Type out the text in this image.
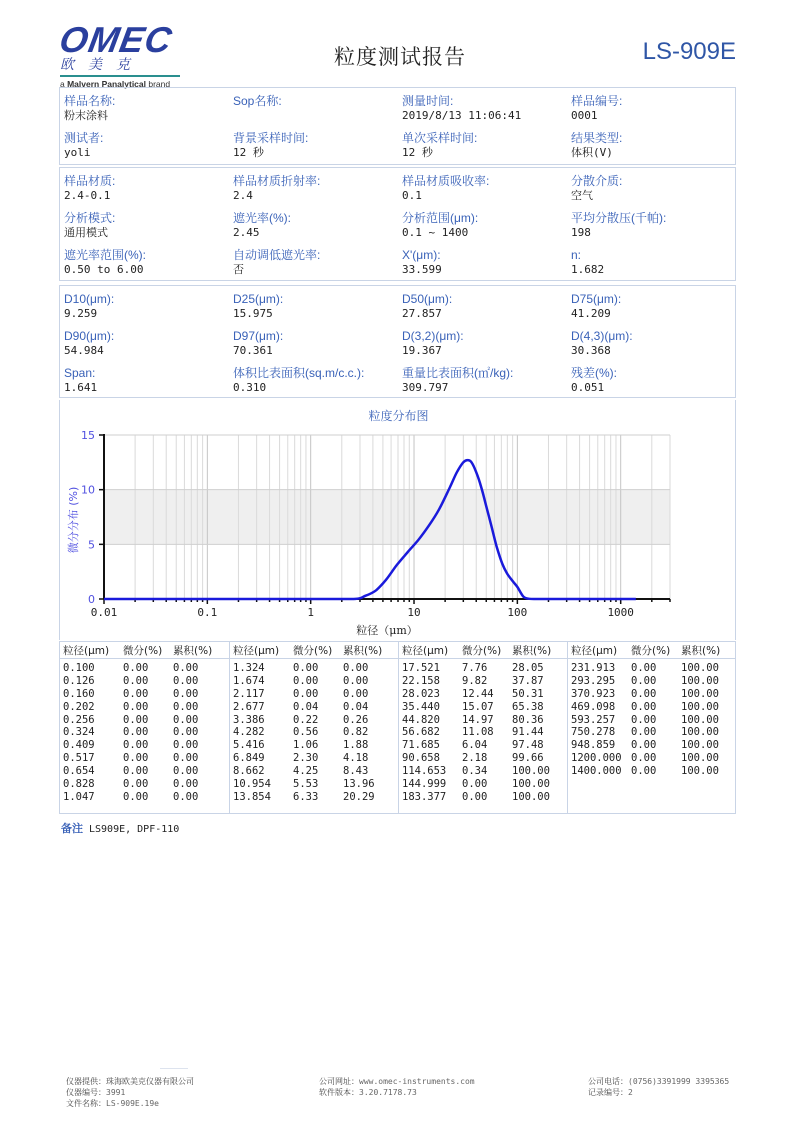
OMEC
欧美克
a Malvern Panalytical brand
粒度测试报告	LS-909E
样品名称:
粉末涂料
Sop名称:	测量时间:
2019/8/13 11:06:41
样品编号:
0001
测试者:
yoli
背景采样时间:
12 秒
单次采样时间:
12 秒
结果类型:
体积(V)
样品材质:
2.4-0.1
样品材质折射率:
2.4
样品材质吸收率:
0.1
分散介质:
空气
分析模式:
通用模式
遮光率(%):
2.45
分析范围(μm):
0.1 ~ 1400
平均分散压(千帕):
198
遮光率范围(%):
0.50 to 6.00
自动调低遮光率:
否
X'(μm):
33.599
n:
1.682
D10(μm):
9.259
D25(μm):
15.975
D50(μm):
27.857
D75(μm):
41.209
D90(μm):
54.984
D97(μm):
70.361
D(3,2)(μm):
19.367
D(4,3)(μm):
30.368
Span:
1.641
体积比表面积(sq.m/c.c.):
0.310
重量比表面积(㎡/kg):
309.797
残差(%):
0.051
粒度分布图
0.01	0.1	1	10	100	1000
0
5
10
15
粒径（μm）
微分分布 (%)
粒径(μm) 微分(%) 累积(%)
0.100	0.00 0.00
0.126	0.00 0.00
0.160	0.00 0.00
0.202	0.00 0.00
0.256	0.00 0.00
0.324	0.00 0.00
0.409	0.00 0.00
0.517	0.00 0.00
0.654	0.00 0.00
0.828	0.00 0.00
1.047	0.00 0.00
粒径(μm) 微分(%) 累积(%)
1.324	0.00 0.00
1.674	0.00 0.00
2.117	0.00 0.00
2.677	0.04 0.04
3.386	0.22 0.26
4.282	0.56 0.82
5.416	1.06 1.88
6.849	2.30 4.18
8.662	4.25 8.43
10.954 5.53 13.96
13.854 6.33 20.29
粒径(μm) 微分(%) 累积(%)
17.521 7.76 28.05
22.158 9.82 37.87
28.023 12.44 50.31
35.440 15.07 65.38
44.820 14.97 80.36
56.682 11.08 91.44
71.685 6.04 97.48
90.658 2.18 99.66
114.653 0.34 100.00
144.999 0.00 100.00
183.377 0.00 100.00
粒径(μm) 微分(%) 累积(%)
231.913 0.00 100.00
293.295 0.00 100.00
370.923 0.00 100.00
469.098 0.00 100.00
593.257 0.00 100.00
750.278 0.00 100.00
948.859 0.00 100.00
1200.000 0.00 100.00
1400.000 0.00 100.00
备注 LS909E, DPF-110
仪器提供：珠海欧美克仪器有限公司
仪器编号：3991
文件名称：LS-909E.19e
公司网址：www.omec-instruments.com
软件版本：3.20.7178.73
公司电话：(0756)3391999 3395365
记录编号：2
